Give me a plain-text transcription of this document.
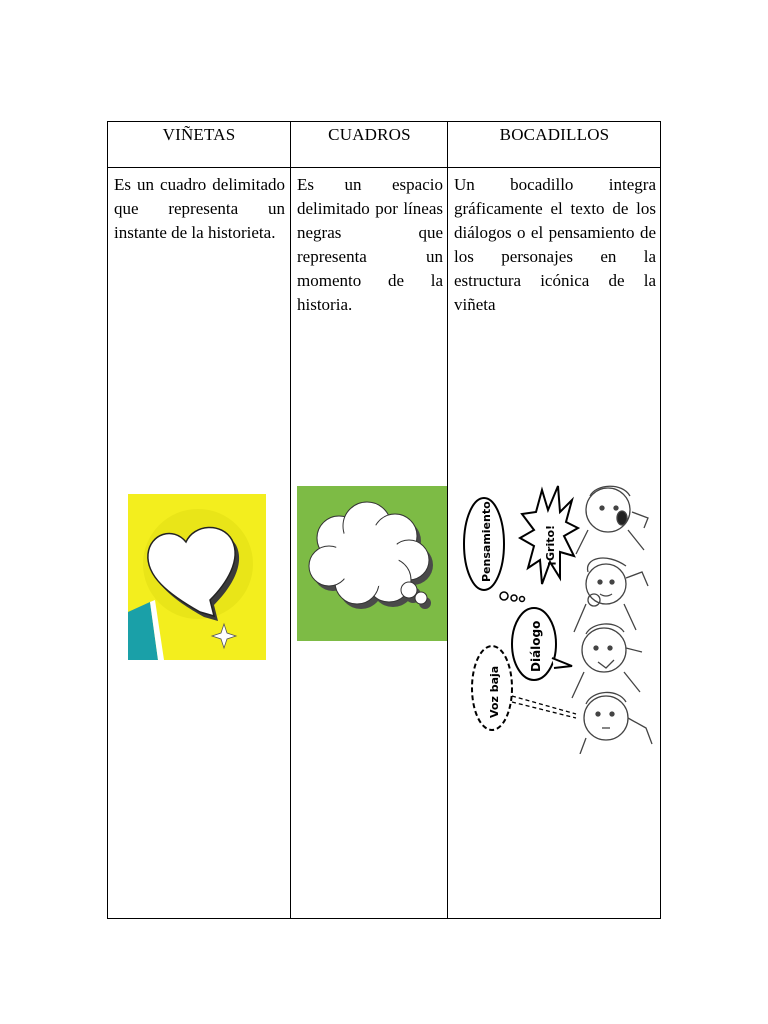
VIÑETAS
Es un cuadro delimitado que representa un instante de la historieta.
CUADROS
Es un espacio delimitado por líneas negras que representa un momento de la historia.
BOCADILLOS
Un bocadillo integra gráficamente el texto de los diálogos o el pensamiento de los personajes en la estructura icónica de la viñeta
Pensamiento	¡Grito!
Diálogo
Voz baja
